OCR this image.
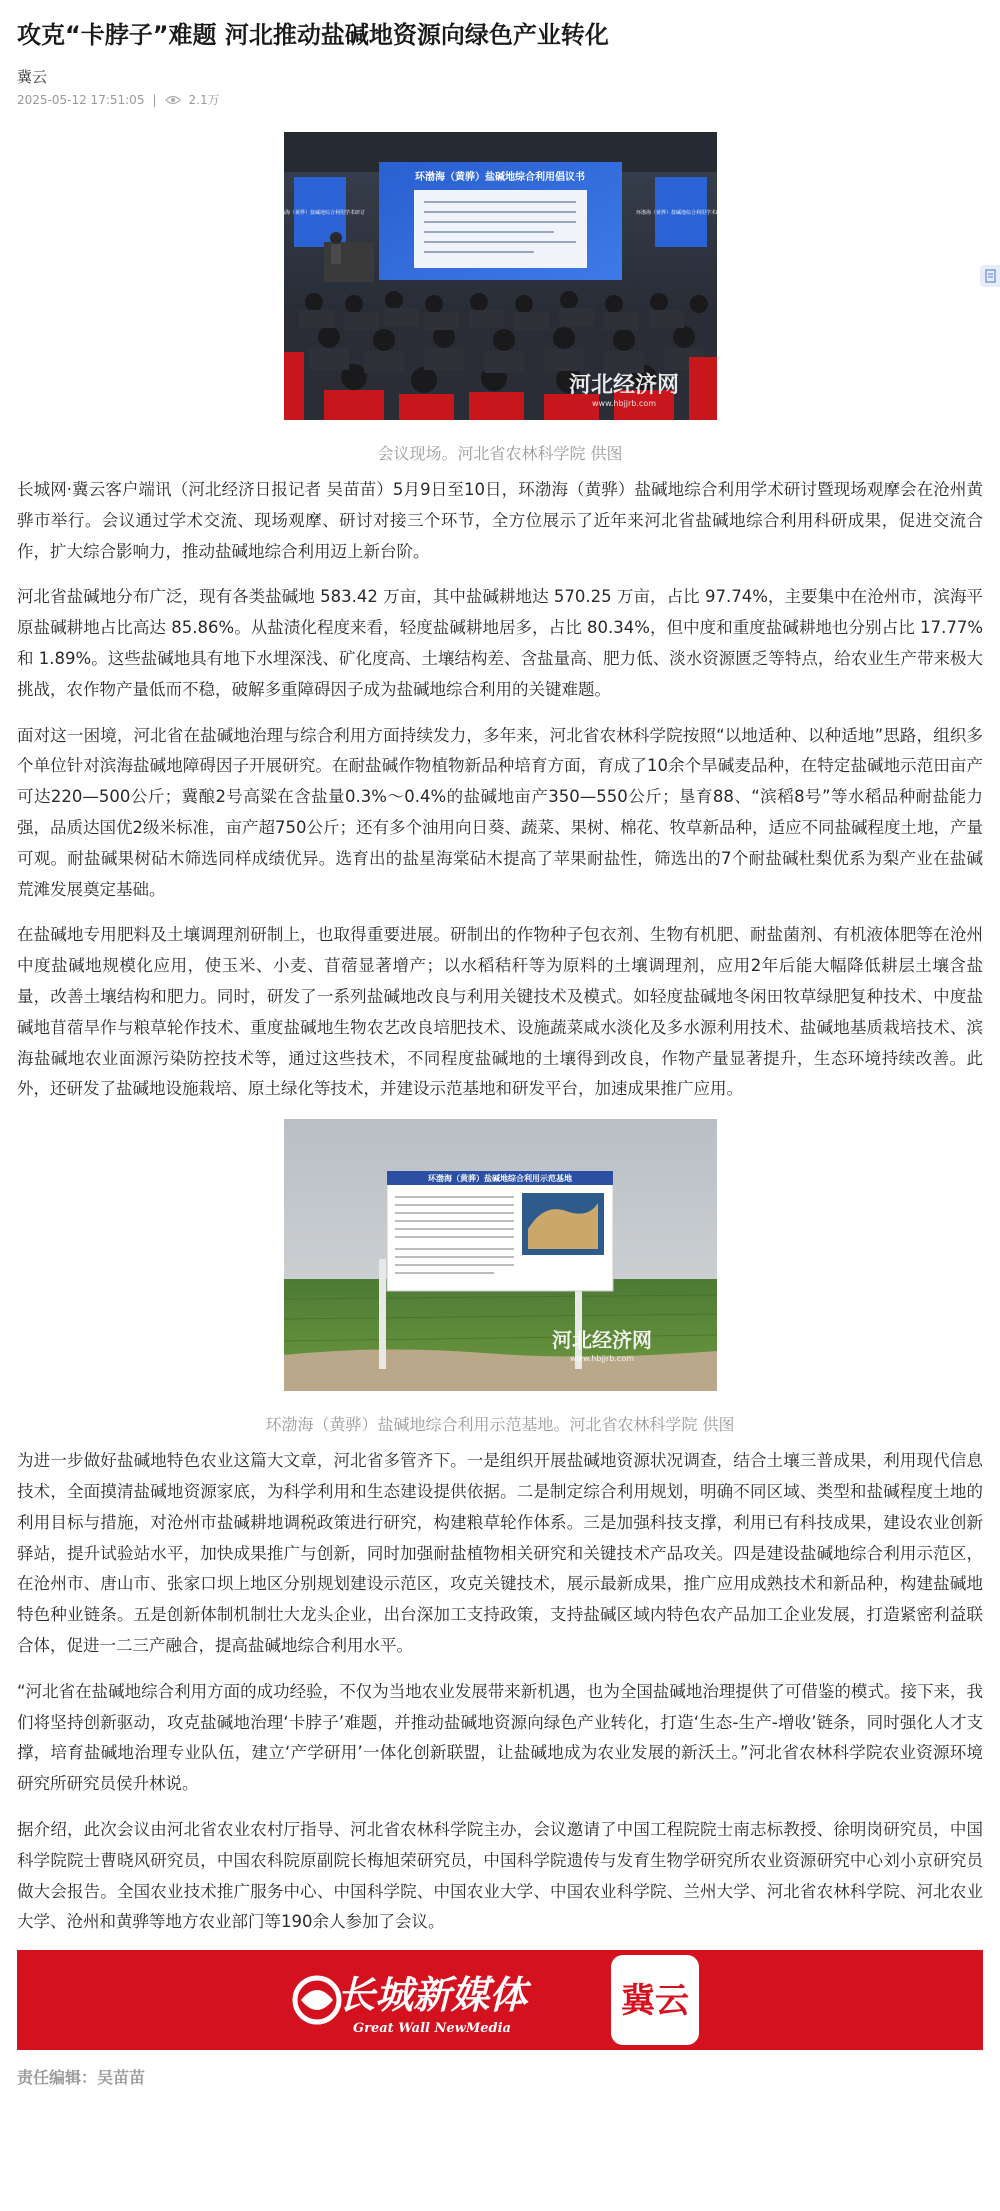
攻克“卡脖子”难题 河北推动盐碱地资源向绿色产业转化
冀云
2025-05-12 17:51:05 |	2.1万
环渤海（黄骅）盐碱地综合利用倡议书
环渤海（黄骅）盐碱地综合利用学术研讨	环渤海（黄骅）盐碱地综合利用学术研讨
河北经济网
www.hbjjrb.com
会议现场。河北省农林科学院 供图

长城网·冀云客户端讯（河北经济日报记者 吴苗苗）5月9日至10日，环渤海（黄骅）盐碱地综合利用学术研讨暨现场观摩会在沧州黄骅市举行。会议通过学术交流、现场观摩、研讨对接三个环节，全方位展示了近年来河北省盐碱地综合利用科研成果，促进交流合作，扩大综合影响力，推动盐碱地综合利用迈上新台阶。

河北省盐碱地分布广泛，现有各类盐碱地 583.42 万亩，其中盐碱耕地达 570.25 万亩，占比 97.74%，主要集中在沧州市，滨海平原盐碱耕地占比高达 85.86%。从盐渍化程度来看，轻度盐碱耕地居多，占比 80.34%，但中度和重度盐碱耕地也分别占比 17.77% 和 1.89%。这些盐碱地具有地下水埋深浅、矿化度高、土壤结构差、含盐量高、肥力低、淡水资源匮乏等特点，给农业生产带来极大挑战，农作物产量低而不稳，破解多重障碍因子成为盐碱地综合利用的关键难题。

面对这一困境，河北省在盐碱地治理与综合利用方面持续发力，多年来，河北省农林科学院按照“以地适种、以种适地”思路，组织多个单位针对滨海盐碱地障碍因子开展研究。在耐盐碱作物植物新品种培育方面，育成了10余个旱碱麦品种，在特定盐碱地示范田亩产可达220—500公斤；冀酿2号高粱在含盐量0.3%～0.4%的盐碱地亩产350—550公斤；垦育88、“滨稻8号”等水稻品种耐盐能力强，品质达国优2级米标准，亩产超750公斤；还有多个油用向日葵、蔬菜、果树、棉花、牧草新品种，适应不同盐碱程度土地，产量可观。耐盐碱果树砧木筛选同样成绩优异。选育出的盐星海棠砧木提高了苹果耐盐性，筛选出的7个耐盐碱杜梨优系为梨产业在盐碱荒滩发展奠定基础。

在盐碱地专用肥料及土壤调理剂研制上，也取得重要进展。研制出的作物种子包衣剂、生物有机肥、耐盐菌剂、有机液体肥等在沧州中度盐碱地规模化应用，使玉米、小麦、苜蓿显著增产；以水稻秸秆等为原料的土壤调理剂，应用2年后能大幅降低耕层土壤含盐量，改善土壤结构和肥力。同时，研发了一系列盐碱地改良与利用关键技术及模式。如轻度盐碱地冬闲田牧草绿肥复种技术、中度盐碱地苜蓿旱作与粮草轮作技术、重度盐碱地生物农艺改良培肥技术、设施蔬菜咸水淡化及多水源利用技术、盐碱地基质栽培技术、滨海盐碱地农业面源污染防控技术等，通过这些技术，不同程度盐碱地的土壤得到改良，作物产量显著提升，生态环境持续改善。此外，还研发了盐碱地设施栽培、原土绿化等技术，并建设示范基地和研发平台，加速成果推广应用。

环渤海（黄骅）盐碱地综合利用示范基地
河北经济网
www.hbjjrb.com
环渤海（黄骅）盐碱地综合利用示范基地。河北省农林科学院 供图

为进一步做好盐碱地特色农业这篇大文章，河北省多管齐下。一是组织开展盐碱地资源状况调查，结合土壤三普成果，利用现代信息技术，全面摸清盐碱地资源家底，为科学利用和生态建设提供依据。二是制定综合利用规划，明确不同区域、类型和盐碱程度土地的利用目标与措施，对沧州市盐碱耕地调税政策进行研究，构建粮草轮作体系。三是加强科技支撑，利用已有科技成果，建设农业创新驿站，提升试验站水平，加快成果推广与创新，同时加强耐盐植物相关研究和关键技术产品攻关。四是建设盐碱地综合利用示范区，在沧州市、唐山市、张家口坝上地区分别规划建设示范区，攻克关键技术，展示最新成果，推广应用成熟技术和新品种，构建盐碱地特色种业链条。五是创新体制机制壮大龙头企业，出台深加工支持政策，支持盐碱区域内特色农产品加工企业发展，打造紧密利益联合体，促进一二三产融合，提高盐碱地综合利用水平。

“河北省在盐碱地综合利用方面的成功经验，不仅为当地农业发展带来新机遇，也为全国盐碱地治理提供了可借鉴的模式。接下来，我们将坚持创新驱动，攻克盐碱地治理‘卡脖子’难题，并推动盐碱地资源向绿色产业转化，打造‘生态-生产-增收’链条，同时强化人才支撑，培育盐碱地治理专业队伍，建立‘产学研用’一体化创新联盟，让盐碱地成为农业发展的新沃土。”河北省农林科学院农业资源环境研究所研究员侯升林说。

据介绍，此次会议由河北省农业农村厅指导、河北省农林科学院主办，会议邀请了中国工程院院士南志标教授、徐明岗研究员，中国科学院院士曹晓风研究员，中国农科院原副院长梅旭荣研究员，中国科学院遗传与发育生物学研究所农业资源研究中心刘小京研究员做大会报告。全国农业技术推广服务中心、中国科学院、中国农业大学、中国农业科学院、兰州大学、河北省农林科学院、河北农业大学、沧州和黄骅等地方农业部门等190余人参加了会议。

长城新媒体
Great Wall NewMedia
冀云
责任编辑：吴苗苗
